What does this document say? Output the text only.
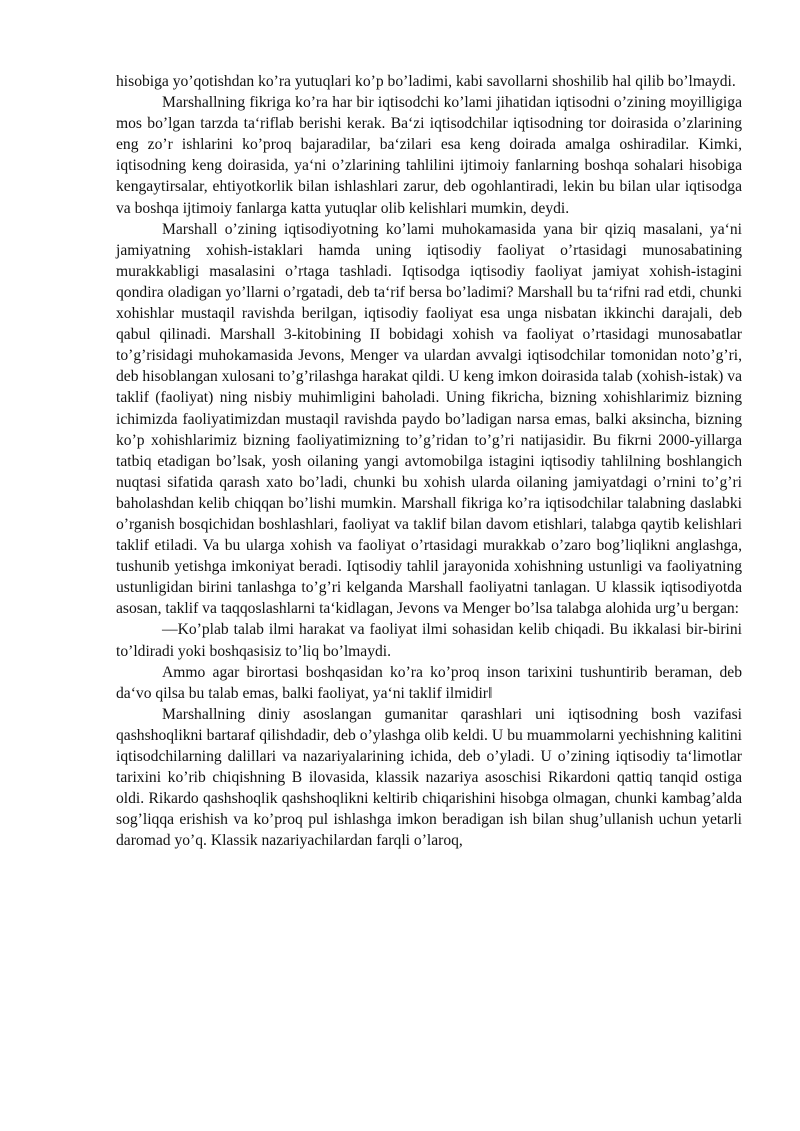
hisobiga yo’qotishdan ko’ra yutuqlari ko’p bo’ladimi, kabi savollarni shoshilib hal qilib bo’lmaydi.

Marshallning fikriga ko’ra har bir iqtisodchi ko’lami jihatidan iqtisodni o’zining moyilligiga mos bo’lgan tarzda ta‘riflab berishi kerak. Ba‘zi iqtisodchilar iqtisodning tor doirasida o’zlarining eng zo’r ishlarini ko’proq bajaradilar, ba‘zilari esa keng doirada amalga oshiradilar. Kimki, iqtisodning keng doirasida, ya‘ni o’zlarining tahlilini ijtimoiy fanlarning boshqa sohalari hisobiga kengaytirsalar, ehtiyotkorlik bilan ishlashlari zarur, deb ogohlantiradi, lekin bu bilan ular iqtisodga va boshqa ijtimoiy fanlarga katta yutuqlar olib kelishlari mumkin, deydi.

Marshall o’zining iqtisodiyotning ko’lami muhokamasida yana bir qiziq masalani, ya‘ni jamiyatning xohish-istaklari hamda uning iqtisodiy faoliyat o’rtasidagi munosabatining murakkabligi masalasini o’rtaga tashladi. Iqtisodga iqtisodiy faoliyat jamiyat xohish-istagini qondira oladigan yo’llarni o’rgatadi, deb ta‘rif bersa bo’ladimi? Marshall bu ta‘rifni rad etdi, chunki xohishlar mustaqil ravishda berilgan, iqtisodiy faoliyat esa unga nisbatan ikkinchi darajali, deb qabul qilinadi. Marshall 3-kitobining II bobidagi xohish va faoliyat o’rtasidagi munosabatlar to’g’risidagi muhokamasida Jevons, Menger va ulardan avvalgi iqtisodchilar tomonidan noto’g’ri, deb hisoblangan xulosani to’g’rilashga harakat qildi. U keng imkon doirasida talab (xohish-istak) va taklif (faoliyat) ning nisbiy muhimligini baholadi. Uning fikricha, bizning xohishlarimiz bizning ichimizda faoliyatimizdan mustaqil ravishda paydo bo’ladigan narsa emas, balki aksincha, bizning ko’p xohishlarimiz bizning faoliyatimizning to’g’ridan to’g’ri natijasidir. Bu fikrni 2000-yillarga tatbiq etadigan bo’lsak, yosh oilaning yangi avtomobilga istagini iqtisodiy tahlilning boshlangich nuqtasi sifatida qarash xato bo’ladi, chunki bu xohish ularda oilaning jamiyatdagi o’rnini to’g’ri baholashdan kelib chiqqan bo’lishi mumkin. Marshall fikriga ko’ra iqtisodchilar talabning daslabki o’rganish bosqichidan boshlashlari, faoliyat va taklif bilan davom etishlari, talabga qaytib kelishlari taklif etiladi. Va bu ularga xohish va faoliyat o’rtasidagi murakkab o’zaro bog’liqlikni anglashga, tushunib yetishga imkoniyat beradi. Iqtisodiy tahlil jarayonida xohishning ustunligi va faoliyatning ustunligidan birini tanlashga to’g’ri kelganda Marshall faoliyatni tanlagan. U klassik iqtisodiyotda asosan, taklif va taqqoslashlarni ta‘kidlagan, Jevons va Menger bo’lsa talabga alohida urg’u bergan:

―Ko’plab talab ilmi harakat va faoliyat ilmi sohasidan kelib chiqadi. Bu ikkalasi bir-birini to’ldiradi yoki boshqasisiz to’liq bo’lmaydi.

Ammo agar birortasi boshqasidan ko’ra ko’proq inson tarixini tushuntirib beraman, deb da‘vo qilsa bu talab emas, balki faoliyat, ya‘ni taklif ilmidir‖

Marshallning diniy asoslangan gumanitar qarashlari uni iqtisodning bosh vazifasi qashshoqlikni bartaraf qilishdadir, deb o’ylashga olib keldi. U bu muammolarni yechishning kalitini iqtisodchilarning dalillari va nazariyalarining ichida, deb o’yladi. U o’zining iqtisodiy ta‘limotlar tarixini ko’rib chiqishning B ilovasida, klassik nazariya asoschisi Rikardoni qattiq tanqid ostiga oldi. Rikardo qashshoqlik qashshoqlikni keltirib chiqarishini hisobga olmagan, chunki kambag’alda sog’liqqa erishish va ko’proq pul ishlashga imkon beradigan ish bilan shug’ullanish uchun yetarli daromad yo’q. Klassik nazariyachilardan farqli o’laroq,
